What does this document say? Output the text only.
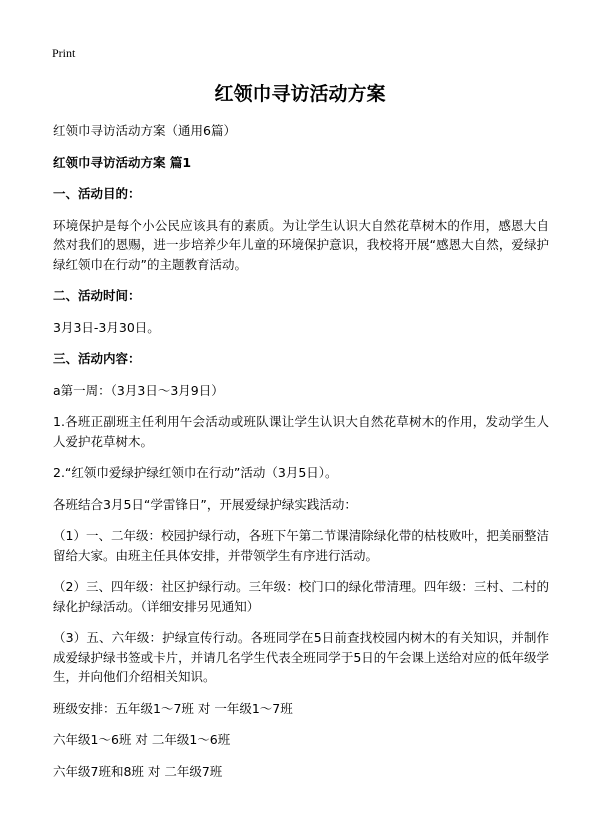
Print
红领巾寻访活动方案

红领巾寻访活动方案（通用6篇）

红领巾寻访活动方案 篇1

一、活动目的：

环境保护是每个小公民应该具有的素质。为让学生认识大自然花草树木的作用，感恩大自然对我们的恩赐，进一步培养少年儿童的环境保护意识，我校将开展“感恩大自然，爱绿护绿红领巾在行动”的主题教育活动。

二、活动时间：

3月3日-3月30日。

三、活动内容：

a第一周：（3月3日～3月9日）

1.各班正副班主任利用午会活动或班队课让学生认识大自然花草树木的作用，发动学生人人爱护花草树木。

2.“红领巾爱绿护绿红领巾在行动”活动（3月5日）。

各班结合3月5日“学雷锋日”，开展爱绿护绿实践活动：

（1）一、二年级：校园护绿行动，各班下午第二节课清除绿化带的枯枝败叶，把美丽整洁留给大家。由班主任具体安排，并带领学生有序进行活动。

（2）三、四年级：社区护绿行动。三年级：校门口的绿化带清理。四年级：三村、二村的绿化护绿活动。（详细安排另见通知）

（3）五、六年级：护绿宣传行动。各班同学在5日前查找校园内树木的有关知识，并制作成爱绿护绿书签或卡片，并请几名学生代表全班同学于5日的午会课上送给对应的低年级学生，并向他们介绍相关知识。

班级安排：五年级1～7班 对 一年级1～7班

六年级1～6班 对 二年级1～6班

六年级7班和8班 对 二年级7班
